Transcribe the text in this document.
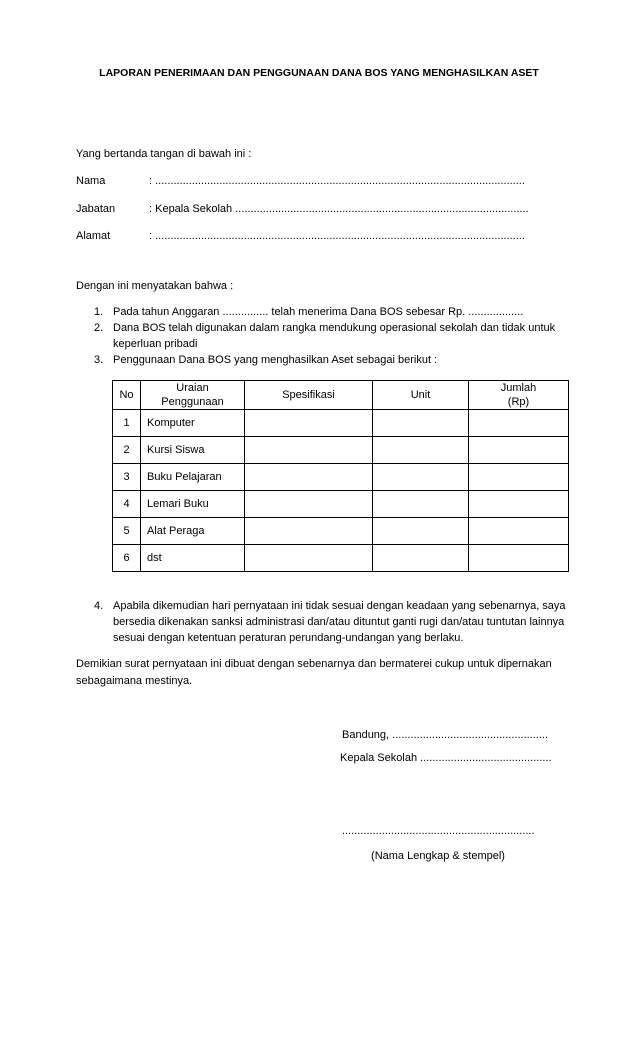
LAPORAN PENERIMAAN DAN PENGGUNAAN DANA BOS YANG MENGHASILKAN ASET
Yang bertanda tangan di bawah ini :
Nama	: .........................................................................................................................
Jabatan	: Kepala Sekolah ................................................................................................
Alamat	: .........................................................................................................................
Dengan ini menyatakan bahwa :
1. Pada tahun Anggaran ............... telah menerima Dana BOS sebesar Rp. ..................
2. Dana BOS telah digunakan dalam rangka mendukung operasional sekolah dan tidak untuk
keperluan pribadi
3. Penggunaan Dana BOS yang menghasilkan Aset sebagai berikut :
No	Uraian Penggunaan	Spesifikasi	Unit	Jumlah
(Rp)
1	Komputer			
2	Kursi Siswa			
3	Buku Pelajaran			
4	Lemari Buku			
5	Alat Peraga			
6	dst			
4. Apabila dikemudian hari pernyataan ini tidak sesuai dengan keadaan yang sebenarnya, saya
bersedia dikenakan sanksi administrasi dan/atau dituntut ganti rugi dan/atau tuntutan lainnya
sesuai dengan ketentuan peraturan perundang-undangan yang berlaku.
Demikian surat pernyataan ini dibuat dengan sebenarnya dan bermaterei cukup untuk dipernakan
sebagaimana mestinya.
Bandung, ...................................................
Kepala Sekolah ...........................................
...............................................................
(Nama Lengkap & stempel)
